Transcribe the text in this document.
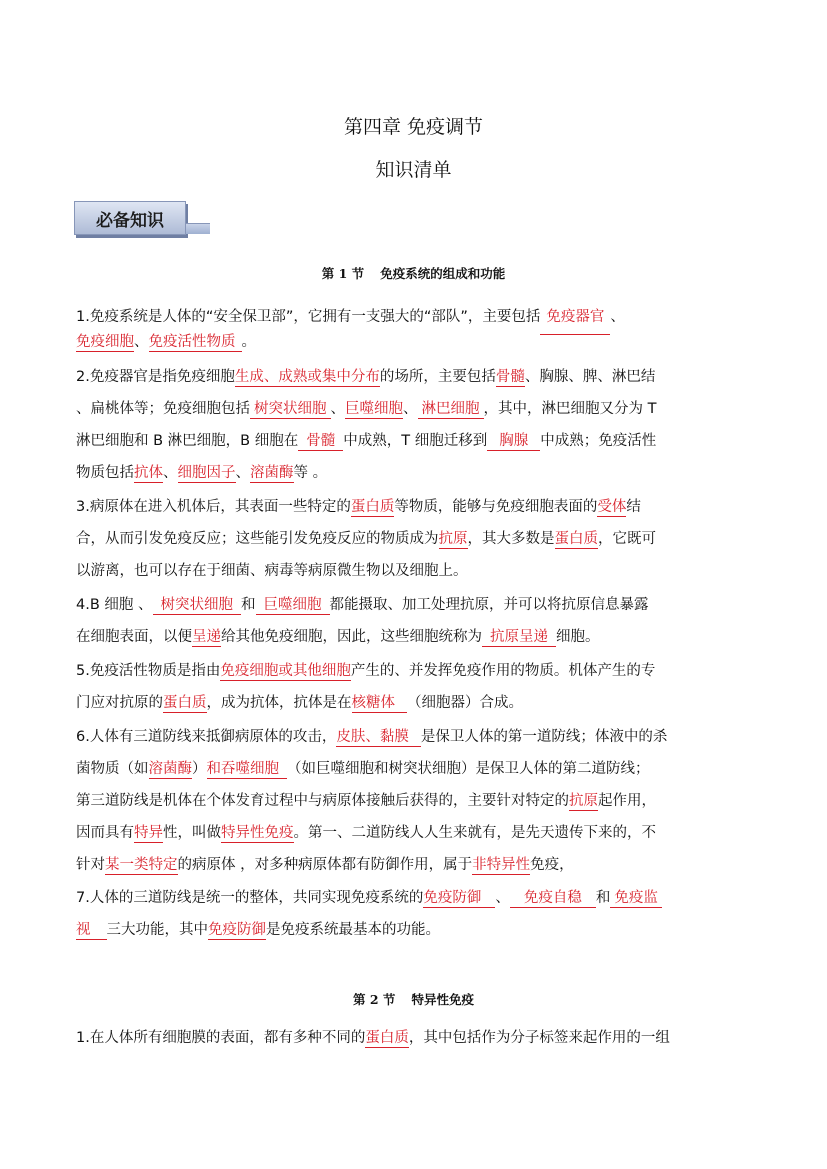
第四章 免疫调节
知识清单
必备知识
第 1 节 免疫系统的组成和功能
1.免疫系统是人体的“安全保卫部”，它拥有一支强大的“部队”，主要包括免疫器官、
免疫细胞、免疫活性物质。
2.免疫器官是指免疫细胞生成、成熟或集中分布的场所，主要包括骨髓、胸腺、脾、淋巴结
、扁桃体等；免疫细胞包括 树突状细胞、巨噬细胞、 淋巴细胞，其中，淋巴细胞又分为 T
淋巴细胞和 B 淋巴细胞，B 细胞在骨髓中成熟，T 细胞迁移到胸腺中成熟；免疫活性
物质包括抗体、细胞因子、溶菌酶等 。
3.病原体在进入机体后，其表面一些特定的蛋白质等物质，能够与免疫细胞表面的受体结
合，从而引发免疫反应；这些能引发免疫反应的物质成为抗原，其大多数是蛋白质，它既可
以游离，也可以存在于细菌、病毒等病原微生物以及细胞上。
4.B 细胞 、树突状细胞和巨噬细胞都能摄取、加工处理抗原，并可以将抗原信息暴露
在细胞表面，以便呈递给其他免疫细胞，因此，这些细胞统称为抗原呈递细胞。
5.免疫活性物质是指由免疫细胞或其他细胞产生的、并发挥免疫作用的物质。机体产生的专
门应对抗原的蛋白质，成为抗体，抗体是在核糖体（细胞器）合成。
6.人体有三道防线来抵御病原体的攻击，皮肤、黏膜是保卫人体的第一道防线；体液中的杀
菌物质（如溶菌酶）和吞噬细胞（如巨噬细胞和树突状细胞）是保卫人体的第二道防线；
第三道防线是机体在个体发育过程中与病原体接触后获得的，主要针对特定的抗原起作用，
因而具有特异性，叫做特异性免疫。第一、二道防线人人生来就有，是先天遗传下来的，不
针对某一类特定的病原体 ，对多种病原体都有防御作用，属于非特异性免疫，
7.人体的三道防线是统一的整体，共同实现免疫系统的免疫防御、免疫自稳和免疫监
视三大功能，其中免疫防御是免疫系统最基本的功能。
第 2 节 特异性免疫
1.在人体所有细胞膜的表面，都有多种不同的蛋白质，其中包括作为分子标签来起作用的一组
